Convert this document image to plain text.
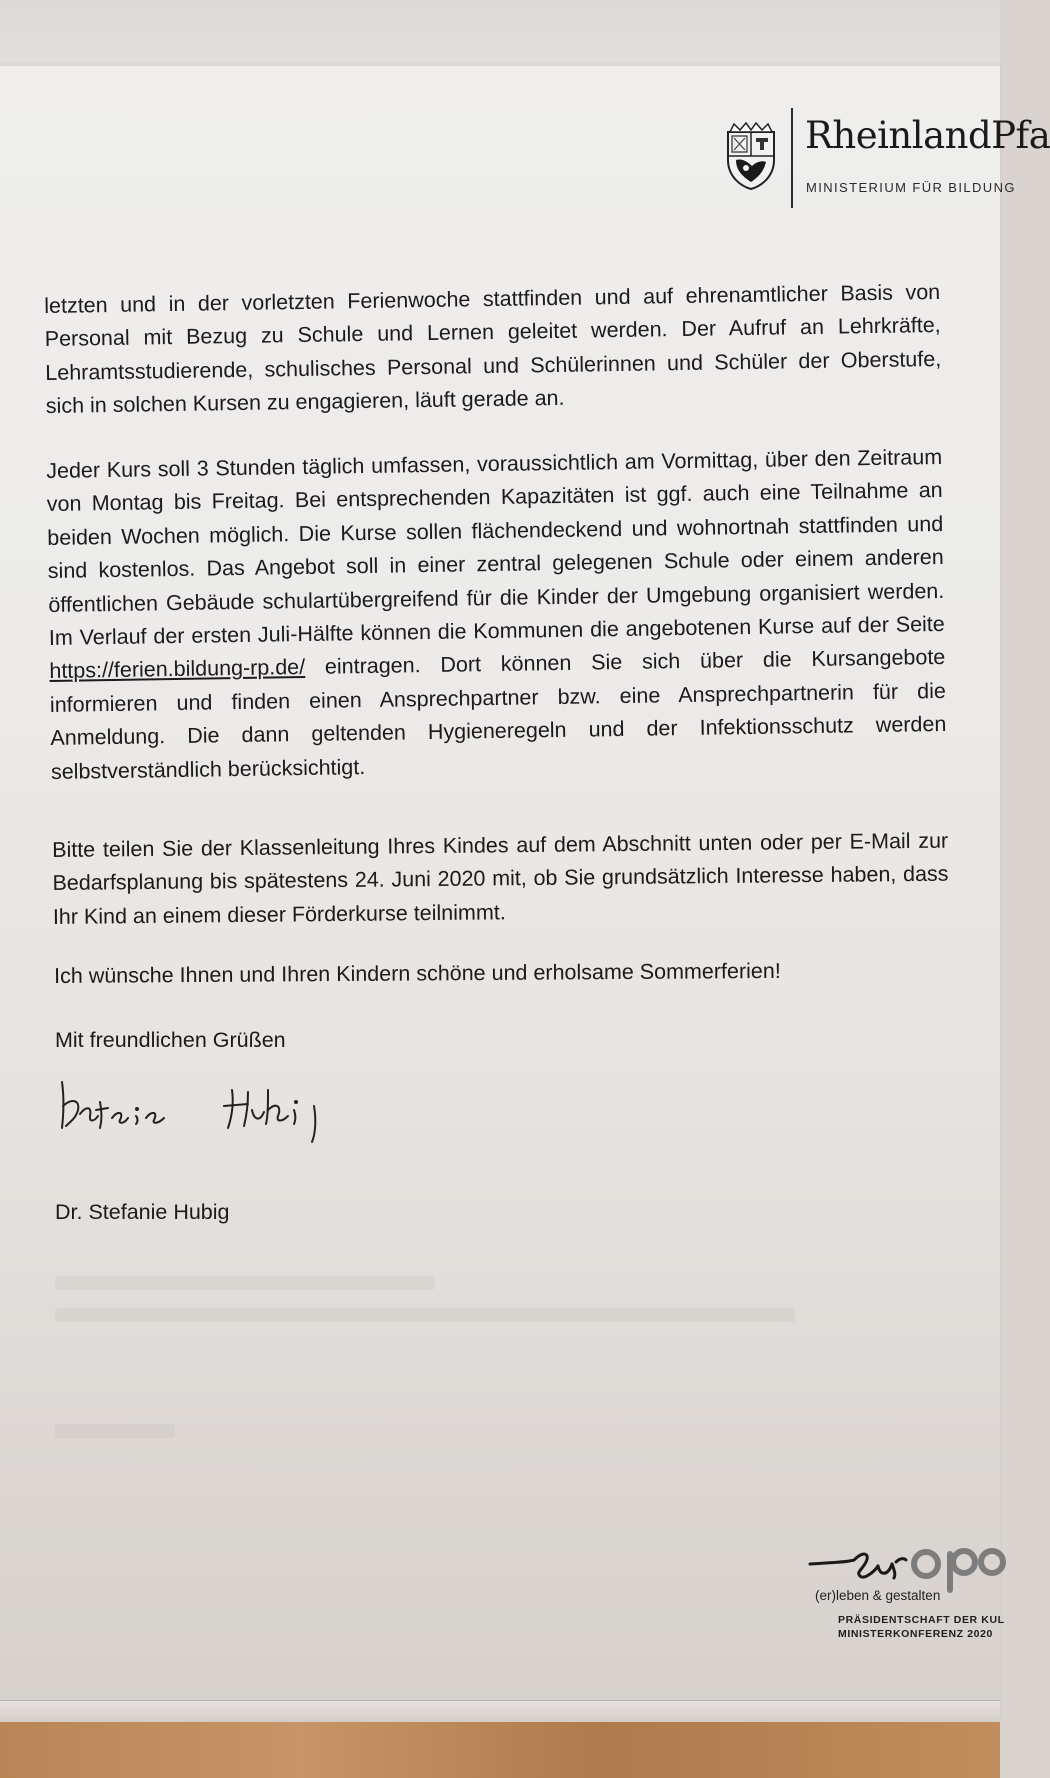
RheinlandPfa
MINISTERIUM FÜR BILDUNG

letzten und in der vorletzten Ferienwoche stattfinden und auf ehrenamtlicher Basis von Personal mit Bezug zu Schule und Lernen geleitet werden. Der Aufruf an Lehrkräfte, Lehramtsstudierende, schulisches Personal und Schülerinnen und Schüler der Oberstufe, sich in solchen Kursen zu engagieren, läuft gerade an.

Jeder Kurs soll 3 Stunden täglich umfassen, voraussichtlich am Vormittag, über den Zeitraum von Montag bis Freitag. Bei entsprechenden Kapazitäten ist ggf. auch eine Teilnahme an beiden Wochen möglich. Die Kurse sollen flächendeckend und wohnortnah stattfinden und sind kostenlos. Das Angebot soll in einer zentral gelegenen Schule oder einem anderen öffentlichen Gebäude schulartübergreifend für die Kinder der Umgebung organisiert werden. Im Verlauf der ersten Juli-Hälfte können die Kommunen die angebotenen Kurse auf der Seite https://ferien.bildung-rp.de/ eintragen. Dort können Sie sich über die Kursangebote informieren und finden einen Ansprechpartner bzw. eine Ansprechpartnerin für die Anmeldung. Die dann geltenden Hygieneregeln und der Infektionsschutz werden selbstverständlich berücksichtigt.

Bitte teilen Sie der Klassenleitung Ihres Kindes auf dem Abschnitt unten oder per E-Mail zur Bedarfsplanung bis spätestens 24. Juni 2020 mit, ob Sie grundsätzlich Interesse haben, dass Ihr Kind an einem dieser Förderkurse teilnimmt.

Ich wünsche Ihnen und Ihren Kindern schöne und erholsame Sommerferien!

Mit freundlichen Grüßen
Dr. Stefanie Hubig
(er)leben & gestalten
PRÄSIDENTSCHAFT DER KUL
MINISTERKONFERENZ 2020
